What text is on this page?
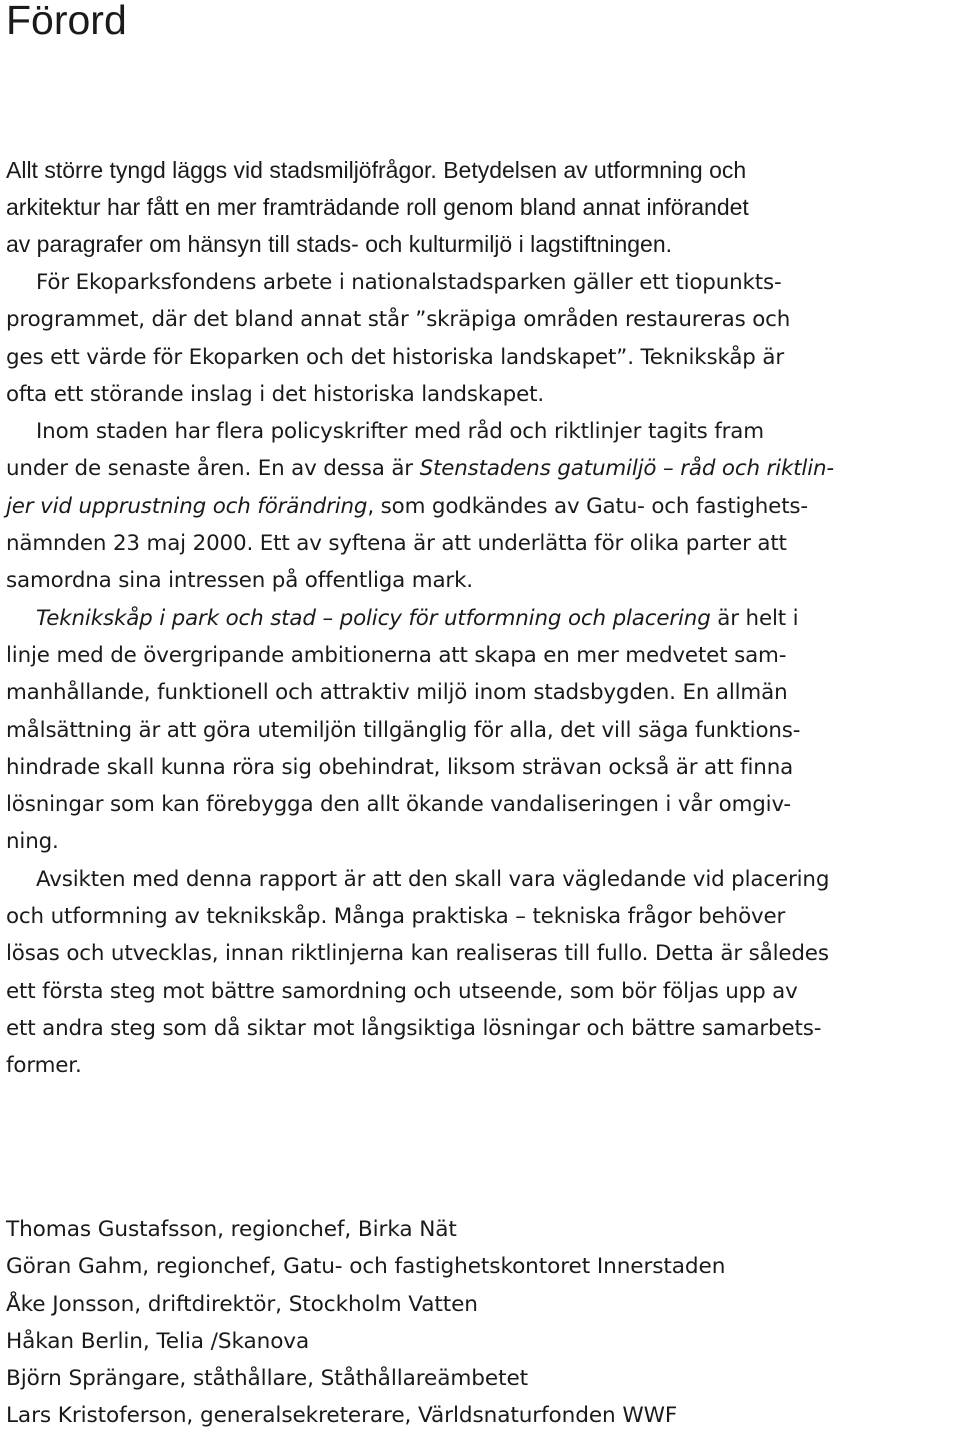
Förord
Allt större tyngd läggs vid stadsmiljöfrågor. Betydelsen av utformning och
arkitektur har fått en mer framträdande roll genom bland annat införandet
av paragrafer om hänsyn till stads- och kulturmiljö i lagstiftningen.
För Ekoparksfondens arbete i nationalstadsparken gäller ett tiopunkts-
programmet, där det bland annat står ”skräpiga områden restaureras och
ges ett värde för Ekoparken och det historiska landskapet”. Teknikskåp är
ofta ett störande inslag i det historiska landskapet.
Inom staden har flera policyskrifter med råd och riktlinjer tagits fram
under de senaste åren. En av dessa är Stenstadens gatumiljö – råd och riktlin-
jer vid upprustning och förändring, som godkändes av Gatu- och fastighets-
nämnden 23 maj 2000. Ett av syftena är att underlätta för olika parter att
samordna sina intressen på offentliga mark.
Teknikskåp i park och stad – policy för utformning och placering är helt i
linje med de övergripande ambitionerna att skapa en mer medvetet sam-
manhållande, funktionell och attraktiv miljö inom stadsbygden. En allmän
målsättning är att göra utemiljön tillgänglig för alla, det vill säga funktions-
hindrade skall kunna röra sig obehindrat, liksom strävan också är att finna
lösningar som kan förebygga den allt ökande vandaliseringen i vår omgiv-
ning.
Avsikten med denna rapport är att den skall vara vägledande vid placering
och utformning av teknikskåp. Många praktiska – tekniska frågor behöver
lösas och utvecklas, innan riktlinjerna kan realiseras till fullo. Detta är således
ett första steg mot bättre samordning och utseende, som bör följas upp av
ett andra steg som då siktar mot långsiktiga lösningar och bättre samarbets-
former.
Thomas Gustafsson, regionchef, Birka Nät
Göran Gahm, regionchef, Gatu- och fastighetskontoret Innerstaden
Åke Jonsson, driftdirektör, Stockholm Vatten
Håkan Berlin, Telia /Skanova
Björn Sprängare, ståthållare, Ståthållareämbetet
Lars Kristoferson, generalsekreterare, Världsnaturfonden WWF
